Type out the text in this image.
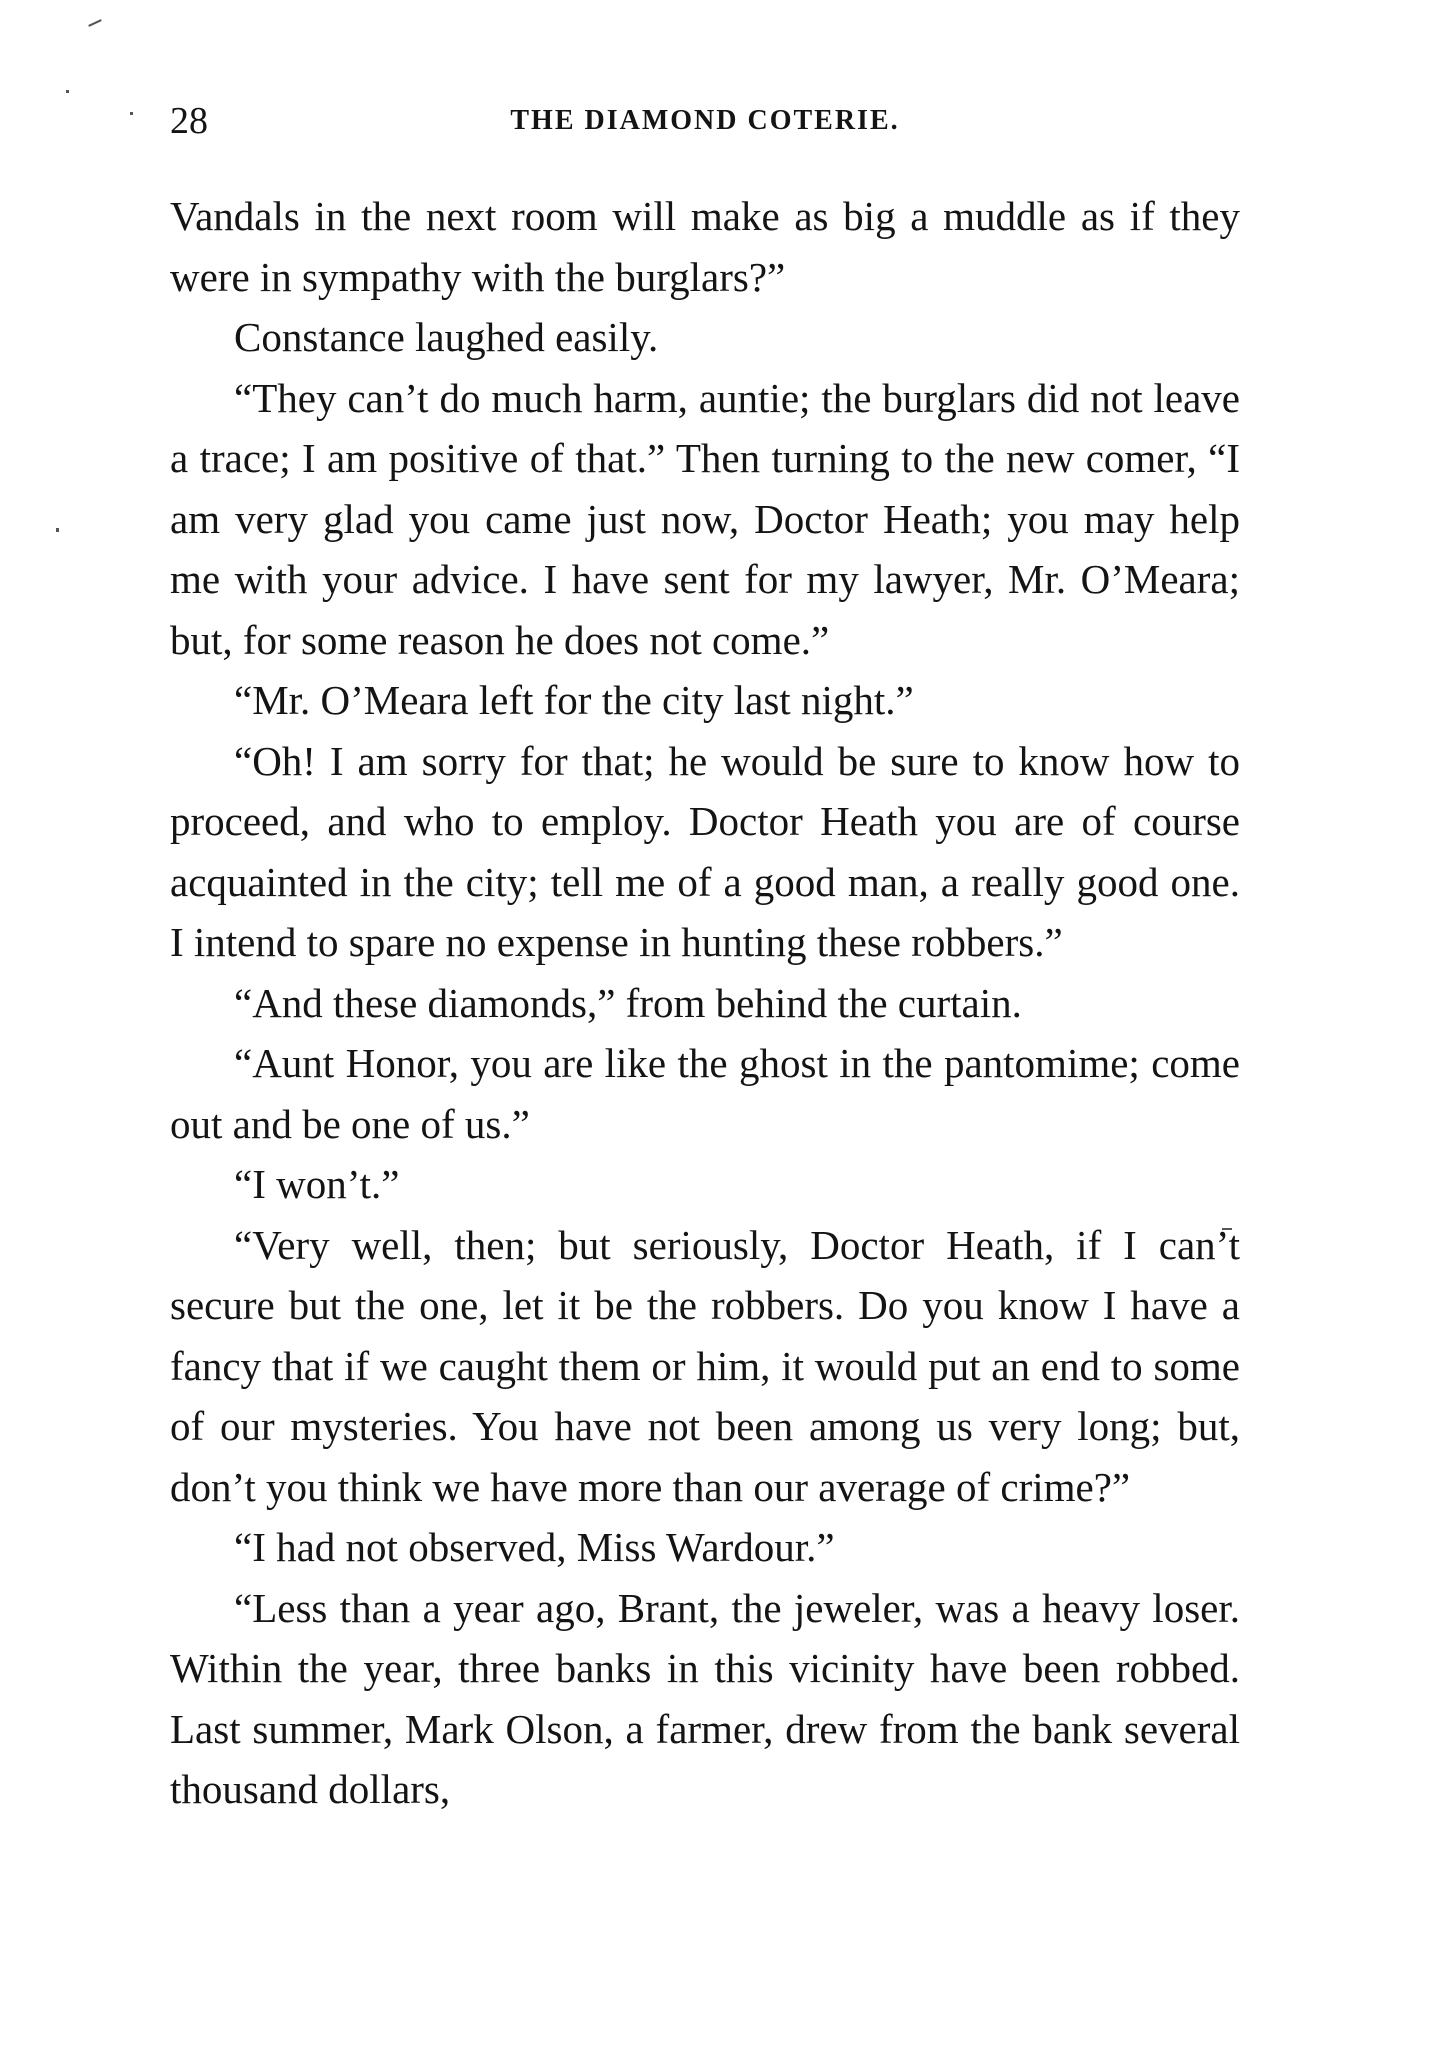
28	THE DIAMOND COTERIE.

Vandals in the next room will make as big a muddle as if they were in sympathy with the burglars?”

Constance laughed easily.

“They can’t do much harm, auntie; the burglars did not leave a trace; I am positive of that.” Then turning to the new comer, “I am very glad you came just now, Doctor Heath; you may help me with your advice. I have sent for my lawyer, Mr. O’Meara; but, for some reason he does not come.”

“Mr. O’Meara left for the city last night.”

“Oh! I am sorry for that; he would be sure to know how to proceed, and who to employ. Doctor Heath you are of course acquainted in the city; tell me of a good man, a really good one. I intend to spare no expense in hunting these robbers.”

“And these diamonds,” from behind the curtain.

“Aunt Honor, you are like the ghost in the pantomime; come out and be one of us.”

“I won’t.”

“Very well, then; but seriously, Doctor Heath, if I can’t secure but the one, let it be the robbers. Do you know I have a fancy that if we caught them or him, it would put an end to some of our mysteries. You have not been among us very long; but, don’t you think we have more than our average of crime?”

“I had not observed, Miss Wardour.”

“Less than a year ago, Brant, the jeweler, was a heavy loser. Within the year, three banks in this vicinity have been robbed. Last summer, Mark Olson, a farmer, drew from the bank several thousand dollars,
